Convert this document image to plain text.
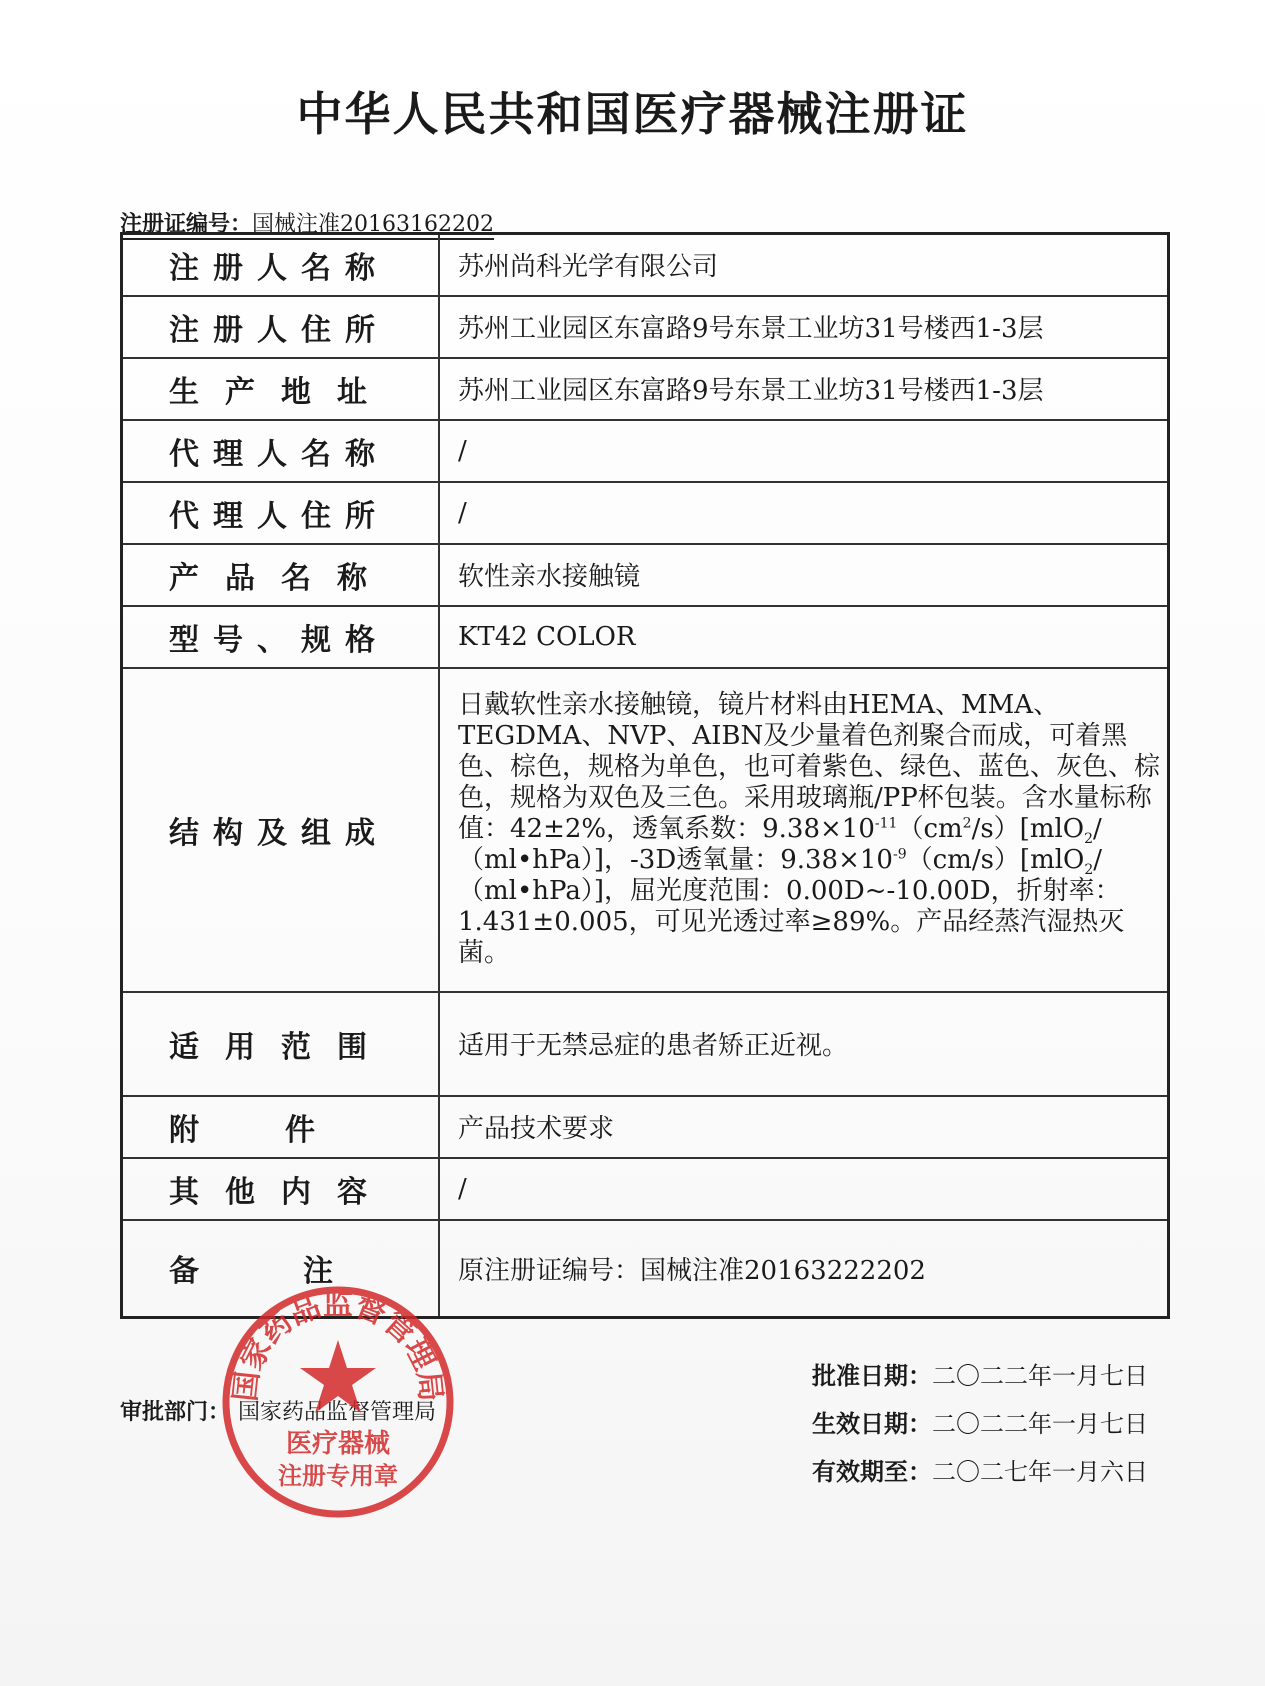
中华人民共和国医疗器械注册证
注册证编号：国械注准20163162202
注册人名称	苏州尚科光学有限公司
注册人住所	苏州工业园区东富路9号东景工业坊31号楼西1-3层
生产地址	苏州工业园区东富路9号东景工业坊31号楼西1-3层
代理人名称	/
代理人住所	/
产品名称	软性亲水接触镜
型号、规格	KT42 COLOR
结构及组成	日戴软性亲水接触镜，镜片材料由HEMA、MMA、TEGDMA、NVP、AIBN及少量着色剂聚合而成，可着黑色、棕色，规格为单色，也可着紫色、绿色、蓝色、灰色、棕色，规格为双色及三色。采用玻璃瓶/PP杯包装。含水量标称值：42±2%，透氧系数：$9.38\times 10^{-11}(cm^2/s)[mlO_2/(ml•hPa)]$，-3D透氧量：$9.38\times 10^{-9}(cm/s)[mlO_2/(ml•hPa)]$，屈光度范围：0.00D~-10.00D，折射率：1.431±0.005，可见光透过率≥89%。产品经蒸汽湿热灭菌。
适用范围	适用于无禁忌症的患者矫正近视。
附件	产品技术要求
其他内容	/
备注	原注册证编号：国械注准20163222202
审批部门： 国家药品监督管理局
批准日期：二〇二二年一月七日
生效日期：二〇二二年一月七日
有效期至：二〇二七年一月六日
国家药品监督管理局
医疗器械
注册专用章
